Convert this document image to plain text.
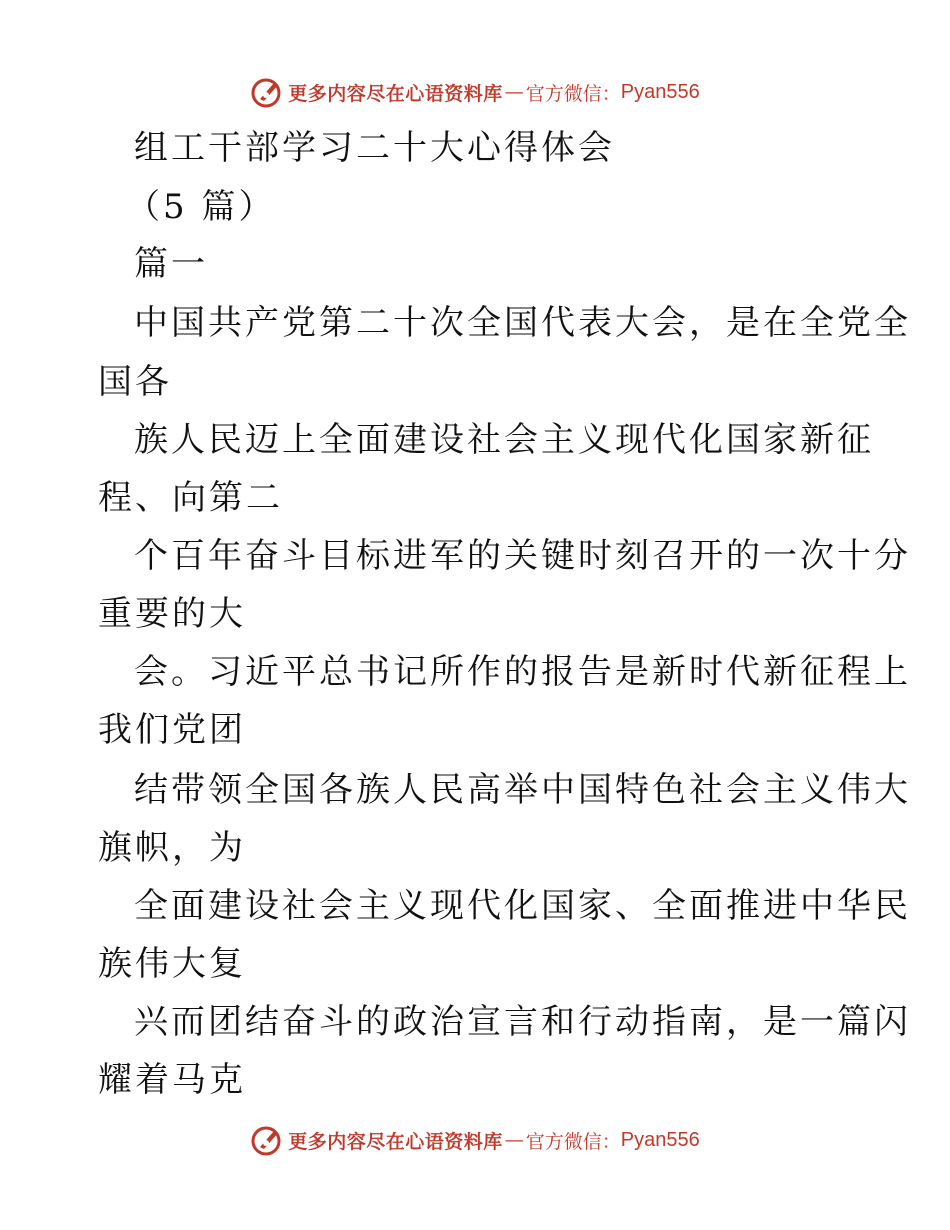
更多内容尽在心语资料库 — 官方微信： Pyan556
组工干部学习二十大心得体会
（5 篇）
篇一
中国共产党第二十次全国代表大会，是在全党全
国各
族人民迈上全面建设社会主义现代化国家新征
程、向第二
个百年奋斗目标进军的关键时刻召开的一次十分
重要的大
会。习近平总书记所作的报告是新时代新征程上
我们党团
结带领全国各族人民高举中国特色社会主义伟大
旗帜，为
全面建设社会主义现代化国家、全面推进中华民
族伟大复
兴而团结奋斗的政治宣言和行动指南，是一篇闪
耀着马克
更多内容尽在心语资料库 — 官方微信： Pyan556
